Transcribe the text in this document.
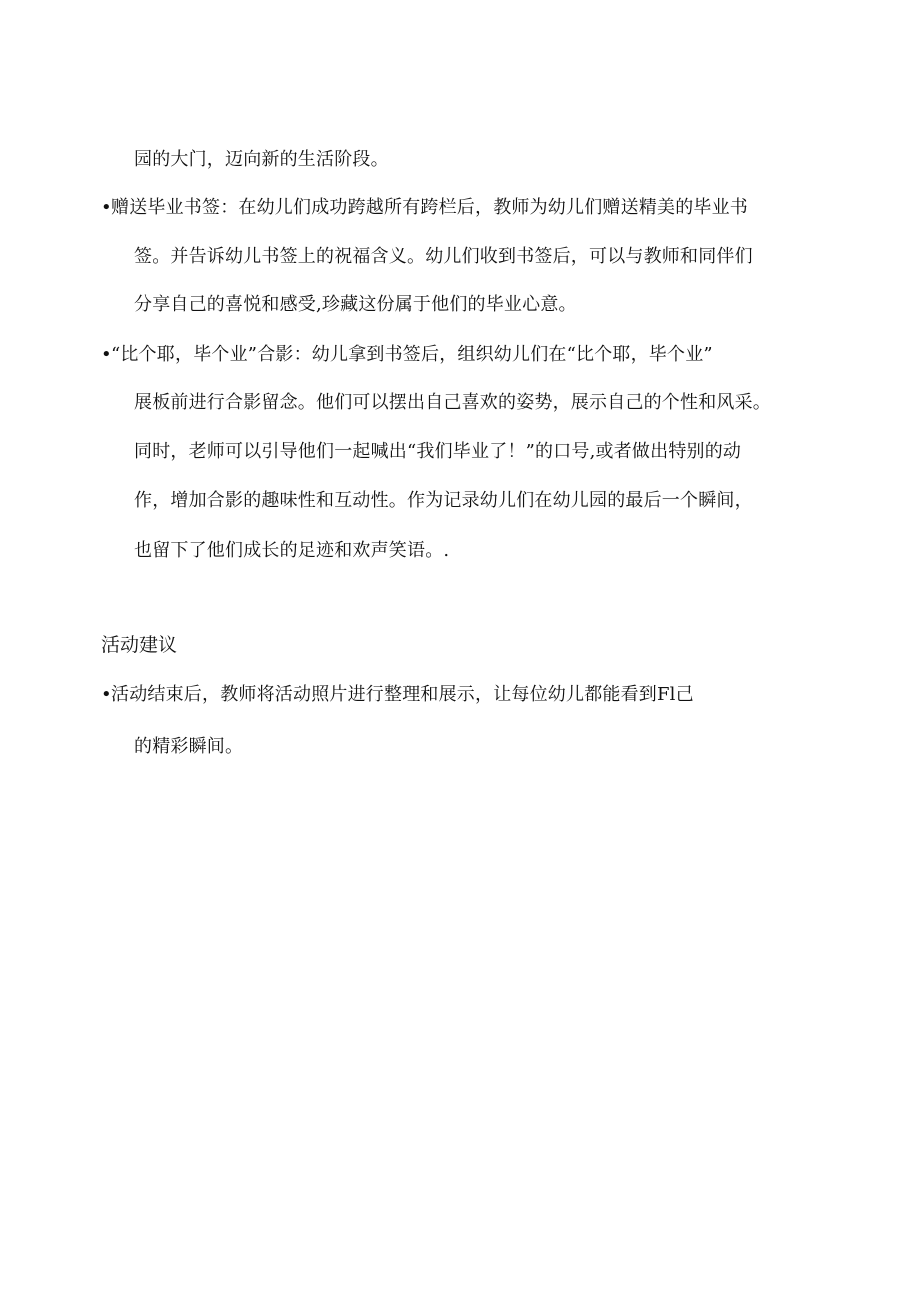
园的大门，迈向新的生活阶段。
•赠送毕业书签：在幼儿们成功跨越所有跨栏后，教师为幼儿们赠送精美的毕业书
签。并告诉幼儿书签上的祝福含义。幼儿们收到书签后，可以与教师和同伴们
分享自己的喜悦和感受,珍藏这份属于他们的毕业心意。
•“比个耶，毕个业”合影：幼儿拿到书签后，组织幼儿们在“比个耶，毕个业”
展板前进行合影留念。他们可以摆出自己喜欢的姿势，展示自己的个性和风采。
同时，老师可以引导他们一起喊出“我们毕业了！”的口号,或者做出特别的动
作，增加合影的趣味性和互动性。作为记录幼儿们在幼儿园的最后一个瞬间，
也留下了他们成长的足迹和欢声笑语。.
活动建议
•活动结束后，教师将活动照片进行整理和展示，让每位幼儿都能看到Fl己
的精彩瞬间。
